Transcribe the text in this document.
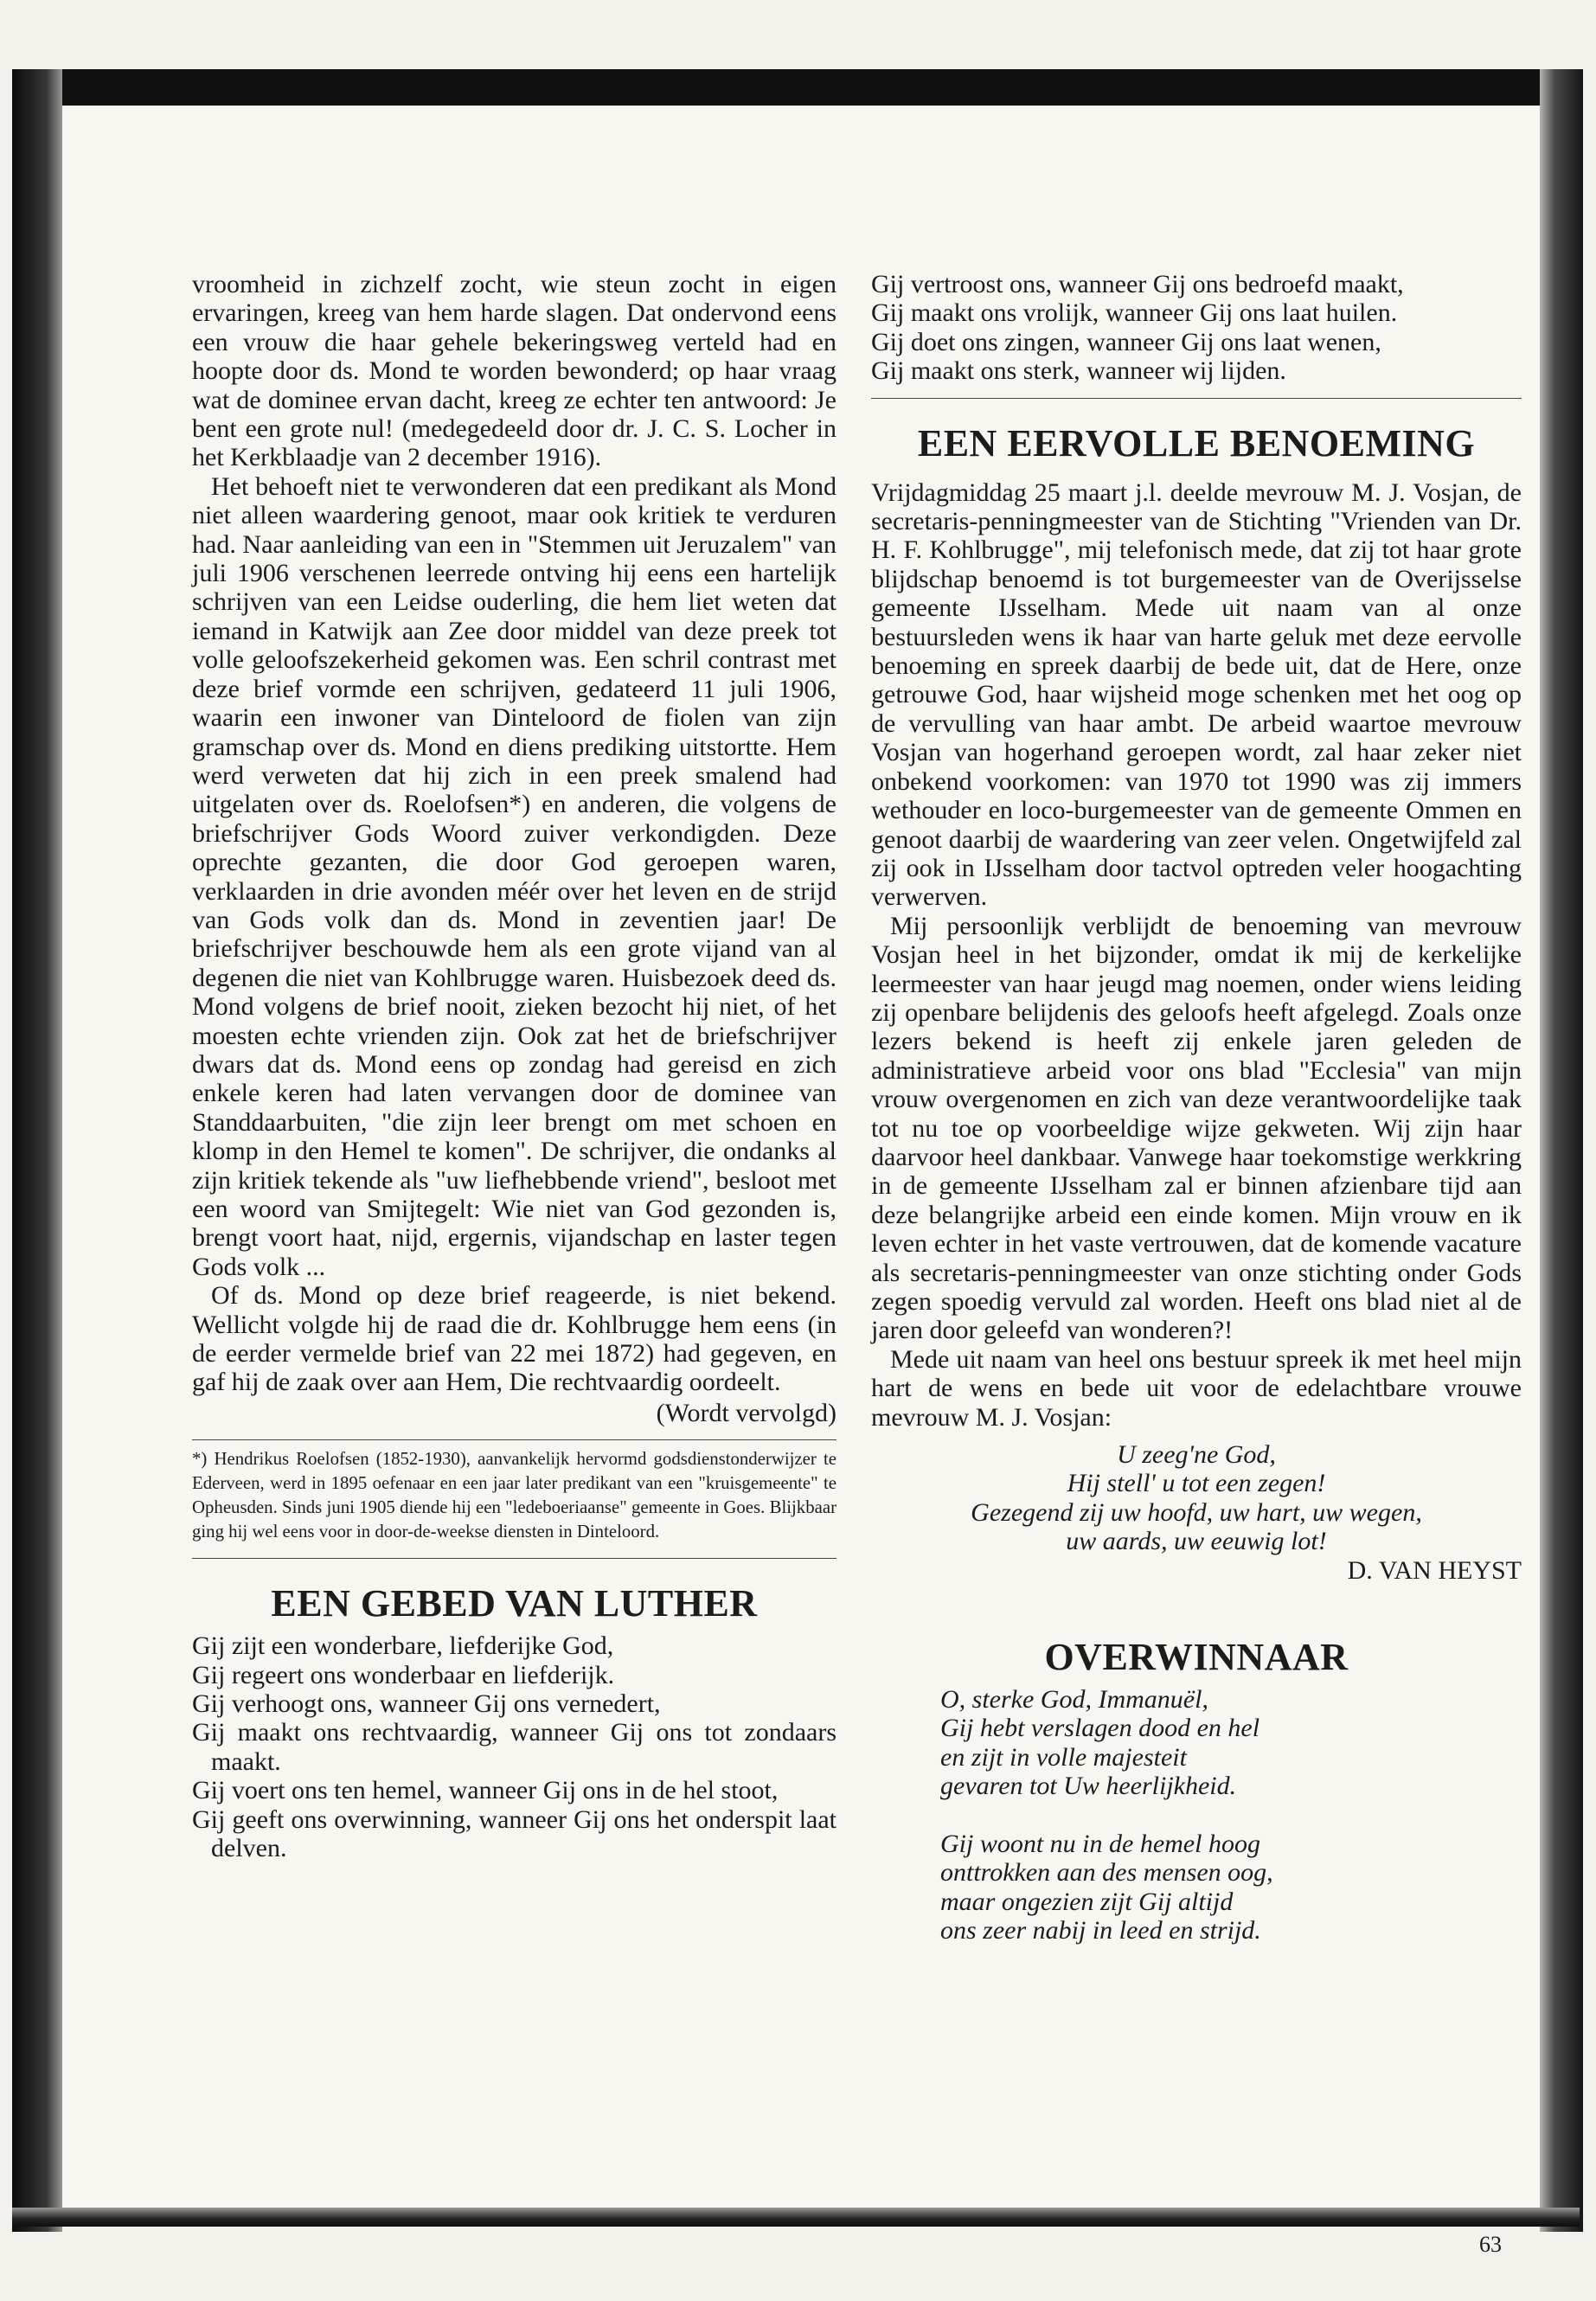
vroomheid in zichzelf zocht, wie steun zocht in eigen ervaringen, kreeg van hem harde slagen. Dat ondervond eens een vrouw die haar gehele bekeringsweg verteld had en hoopte door ds. Mond te worden bewonderd; op haar vraag wat de dominee ervan dacht, kreeg ze echter ten antwoord: Je bent een grote nul! (medegedeeld door dr. J. C. S. Locher in het Kerkblaadje van 2 december 1916).

Het behoeft niet te verwonderen dat een predikant als Mond niet alleen waardering genoot, maar ook kritiek te verduren had. Naar aanleiding van een in "Stemmen uit Jeruzalem" van juli 1906 verschenen leerrede ontving hij eens een hartelijk schrijven van een Leidse ouderling, die hem liet weten dat iemand in Katwijk aan Zee door middel van deze preek tot volle geloofszekerheid gekomen was. Een schril contrast met deze brief vormde een schrijven, gedateerd 11 juli 1906, waarin een inwoner van Dinteloord de fiolen van zijn gramschap over ds. Mond en diens prediking uitstortte. Hem werd verweten dat hij zich in een preek smalend had uitgelaten over ds. Roelofsen*) en anderen, die volgens de briefschrijver Gods Woord zuiver verkondigden. Deze oprechte gezanten, die door God geroepen waren, verklaarden in drie avonden méér over het leven en de strijd van Gods volk dan ds. Mond in zeventien jaar! De briefschrijver beschouwde hem als een grote vijand van al degenen die niet van Kohlbrugge waren. Huisbezoek deed ds. Mond volgens de brief nooit, zieken bezocht hij niet, of het moesten echte vrienden zijn. Ook zat het de briefschrijver dwars dat ds. Mond eens op zondag had gereisd en zich enkele keren had laten vervangen door de dominee van Standdaarbuiten, "die zijn leer brengt om met schoen en klomp in den Hemel te komen". De schrijver, die ondanks al zijn kritiek tekende als "uw liefhebbende vriend", besloot met een woord van Smijtegelt: Wie niet van God gezonden is, brengt voort haat, nijd, ergernis, vijandschap en laster tegen Gods volk ...

Of ds. Mond op deze brief reageerde, is niet bekend. Wellicht volgde hij de raad die dr. Kohlbrugge hem eens (in de eerder vermelde brief van 22 mei 1872) had gegeven, en gaf hij de zaak over aan Hem, Die rechtvaardig oordeelt.

(Wordt vervolgd)

*) Hendrikus Roelofsen (1852-1930), aanvankelijk hervormd godsdienstonderwijzer te Ederveen, werd in 1895 oefenaar en een jaar later predikant van een "kruisgemeente" te Opheusden. Sinds juni 1905 diende hij een "ledeboeriaanse" gemeente in Goes. Blijkbaar ging hij wel eens voor in door-de-weekse diensten in Dinteloord.

EEN GEBED VAN LUTHER
Gij zijt een wonderbare, liefderijke God,
Gij regeert ons wonderbaar en liefderijk.
Gij verhoogt ons, wanneer Gij ons vernedert,
Gij maakt ons rechtvaardig, wanneer Gij ons tot zondaars maakt.
Gij voert ons ten hemel, wanneer Gij ons in de hel stoot,
Gij geeft ons overwinning, wanneer Gij ons het onderspit laat delven.
Gij vertroost ons, wanneer Gij ons bedroefd maakt,
Gij maakt ons vrolijk, wanneer Gij ons laat huilen.
Gij doet ons zingen, wanneer Gij ons laat wenen,
Gij maakt ons sterk, wanneer wij lijden.
EEN EERVOLLE BENOEMING

Vrijdagmiddag 25 maart j.l. deelde mevrouw M. J. Vosjan, de secretaris-penningmeester van de Stichting "Vrienden van Dr. H. F. Kohlbrugge", mij telefonisch mede, dat zij tot haar grote blijdschap benoemd is tot burgemeester van de Overijsselse gemeente IJsselham. Mede uit naam van al onze bestuursleden wens ik haar van harte geluk met deze eervolle benoeming en spreek daarbij de bede uit, dat de Here, onze getrouwe God, haar wijsheid moge schenken met het oog op de vervulling van haar ambt. De arbeid waartoe mevrouw Vosjan van hogerhand geroepen wordt, zal haar zeker niet onbekend voorkomen: van 1970 tot 1990 was zij immers wethouder en loco-burgemeester van de gemeente Ommen en genoot daarbij de waardering van zeer velen. Ongetwijfeld zal zij ook in IJsselham door tactvol optreden veler hoogachting verwerven.

Mij persoonlijk verblijdt de benoeming van mevrouw Vosjan heel in het bijzonder, omdat ik mij de kerkelijke leermeester van haar jeugd mag noemen, onder wiens leiding zij openbare belijdenis des geloofs heeft afgelegd. Zoals onze lezers bekend is heeft zij enkele jaren geleden de administratieve arbeid voor ons blad "Ecclesia" van mijn vrouw overgenomen en zich van deze verantwoordelijke taak tot nu toe op voorbeeldige wijze gekweten. Wij zijn haar daarvoor heel dankbaar. Vanwege haar toekomstige werkkring in de gemeente IJsselham zal er binnen afzienbare tijd aan deze belangrijke arbeid een einde komen. Mijn vrouw en ik leven echter in het vaste vertrouwen, dat de komende vacature als secretaris-penningmeester van onze stichting onder Gods zegen spoedig vervuld zal worden. Heeft ons blad niet al de jaren door geleefd van wonderen?!

Mede uit naam van heel ons bestuur spreek ik met heel mijn hart de wens en bede uit voor de edelachtbare vrouwe mevrouw M. J. Vosjan:

U zeeg'ne God,
Hij stell' u tot een zegen!
Gezegend zij uw hoofd, uw hart, uw wegen,
uw aards, uw eeuwig lot!

D. VAN HEYST

OVERWINNAAR
O, sterke God, Immanuël,
Gij hebt verslagen dood en hel
en zijt in volle majesteit
gevaren tot Uw heerlijkheid.
Gij woont nu in de hemel hoog
onttrokken aan des mensen oog,
maar ongezien zijt Gij altijd
ons zeer nabij in leed en strijd.
63
